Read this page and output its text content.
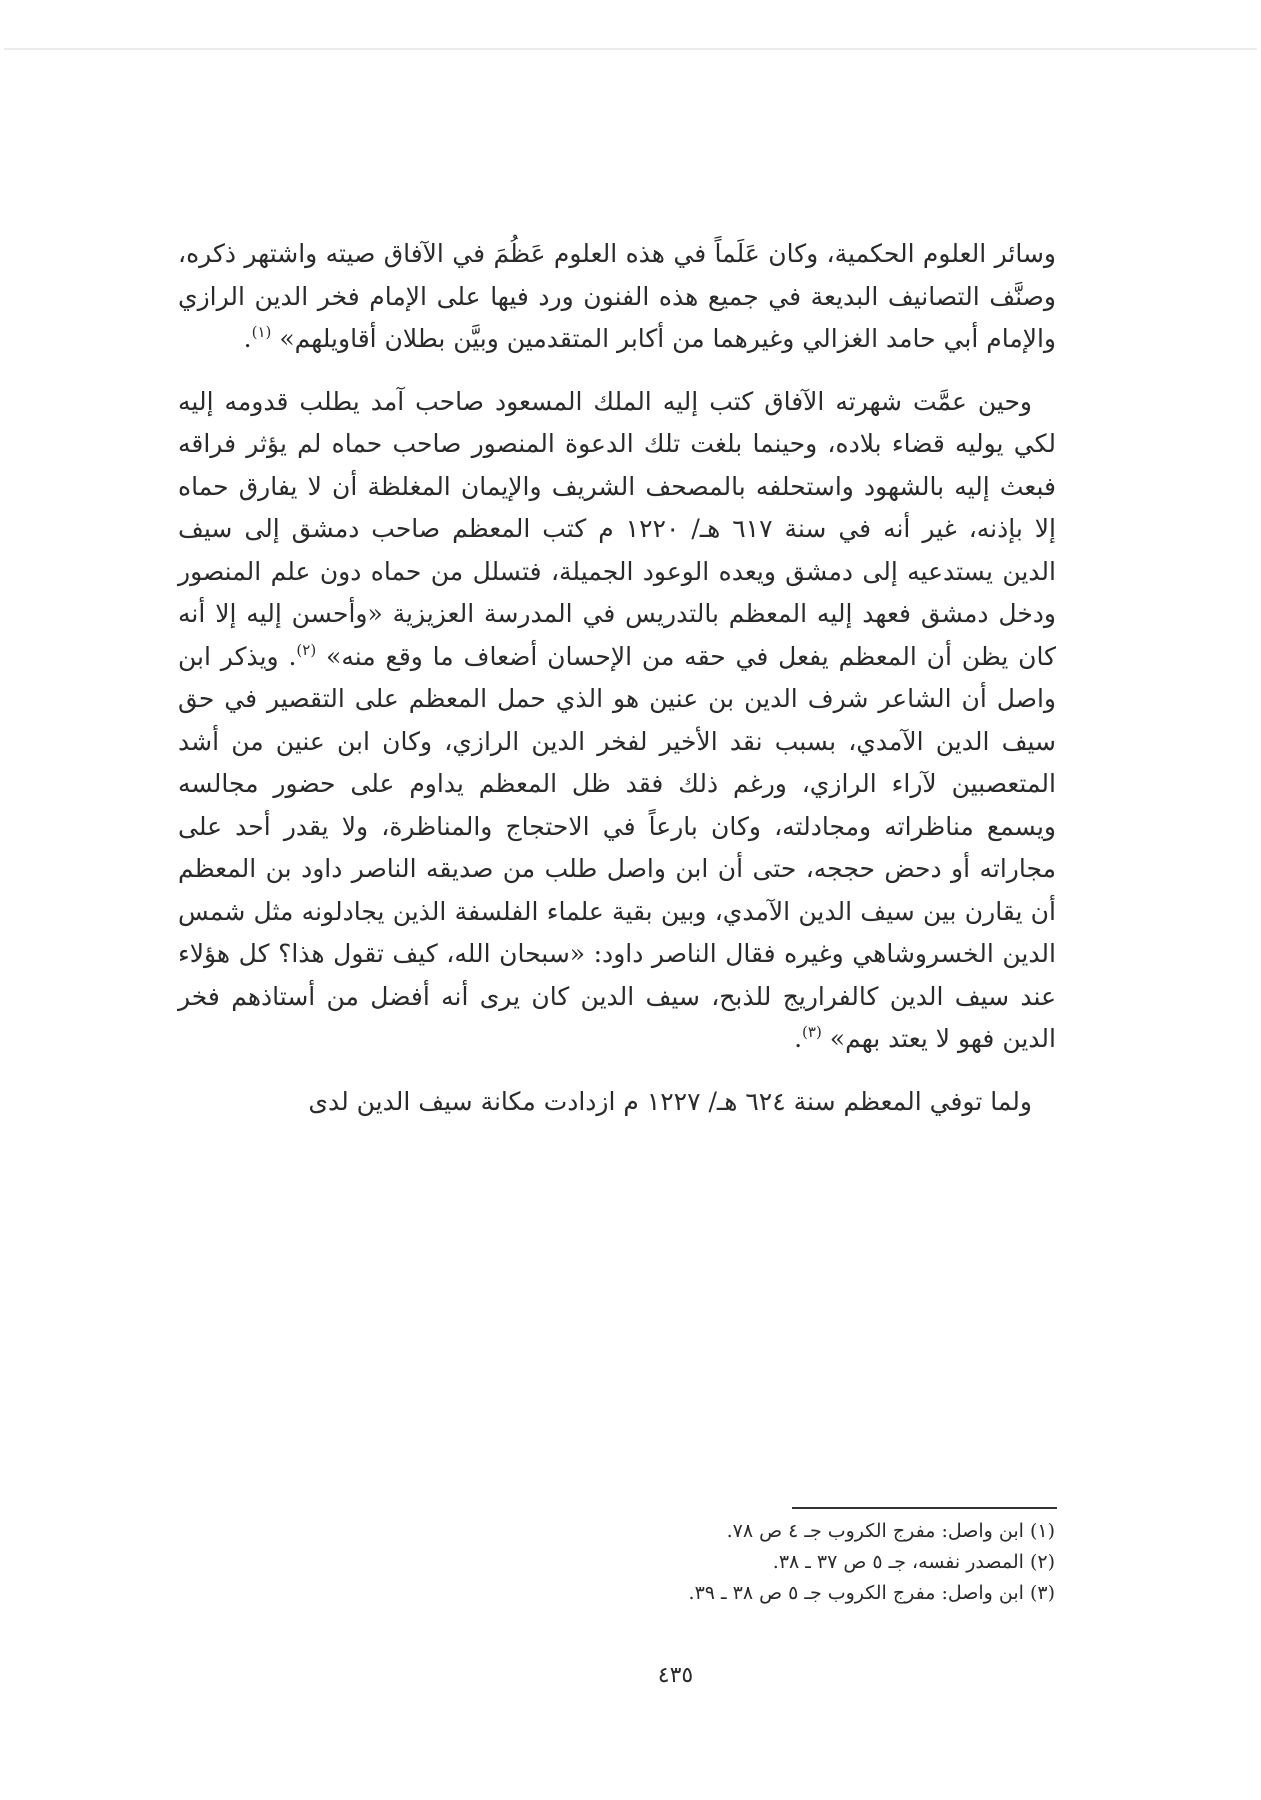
وسائر العلوم الحكمية، وكان عَلَماً في هذه العلوم عَظُمَ في الآفاق صيته واشتهر ذكره، وصنَّف التصانيف البديعة في جميع هذه الفنون ورد فيها على الإمام فخر الدين الرازي والإمام أبي حامد الغزالي وغيرهما من أكابر المتقدمين وبيَّن بطلان أقاويلهم» $^{(١)}$.

وحين عمَّت شهرته الآفاق كتب إليه الملك المسعود صاحب آمد يطلب قدومه إليه لكي يوليه قضاء بلاده، وحينما بلغت تلك الدعوة المنصور صاحب حماه لم يؤثر فراقه فبعث إليه بالشهود واستحلفه بالمصحف الشريف والإيمان المغلظة أن لا يفارق حماه إلا بإذنه، غير أنه في سنة ٦١٧ هـ/ ١٢٢٠ م كتب المعظم صاحب دمشق إلى سيف الدين يستدعيه إلى دمشق ويعده الوعود الجميلة، فتسلل من حماه دون علم المنصور ودخل دمشق فعهد إليه المعظم بالتدريس في المدرسة العزيزية «وأحسن إليه إلا أنه كان يظن أن المعظم يفعل في حقه من الإحسان أضعاف ما وقع منه» $^{(٢)}$. ويذكر ابن واصل أن الشاعر شرف الدين بن عنين هو الذي حمل المعظم على التقصير في حق سيف الدين الآمدي، بسبب نقد الأخير لفخر الدين الرازي، وكان ابن عنين من أشد المتعصبين لآراء الرازي، ورغم ذلك فقد ظل المعظم يداوم على حضور مجالسه ويسمع مناظراته ومجادلته، وكان بارعاً في الاحتجاج والمناظرة، ولا يقدر أحد على مجاراته أو دحض حججه، حتى أن ابن واصل طلب من صديقه الناصر داود بن المعظم أن يقارن بين سيف الدين الآمدي، وبين بقية علماء الفلسفة الذين يجادلونه مثل شمس الدين الخسروشاهي وغيره فقال الناصر داود: «سبحان الله، كيف تقول هذا؟ كل هؤلاء عند سيف الدين كالفراريج للذبح، سيف الدين كان يرى أنه أفضل من أستاذهم فخر الدين فهو لا يعتد بهم» $^{(٣)}$.

ولما توفي المعظم سنة ٦٢٤ هـ/ ١٢٢٧ م ازدادت مكانة سيف الدين لدى

(١) ابن واصل: مفرج الكروب جـ ٤ ص ٧٨.
(٢) المصدر نفسه، جـ ٥ ص ٣٧ ـ ٣٨.
(٣) ابن واصل: مفرج الكروب جـ ٥ ص ٣٨ ـ ٣٩.
٤٣٥
